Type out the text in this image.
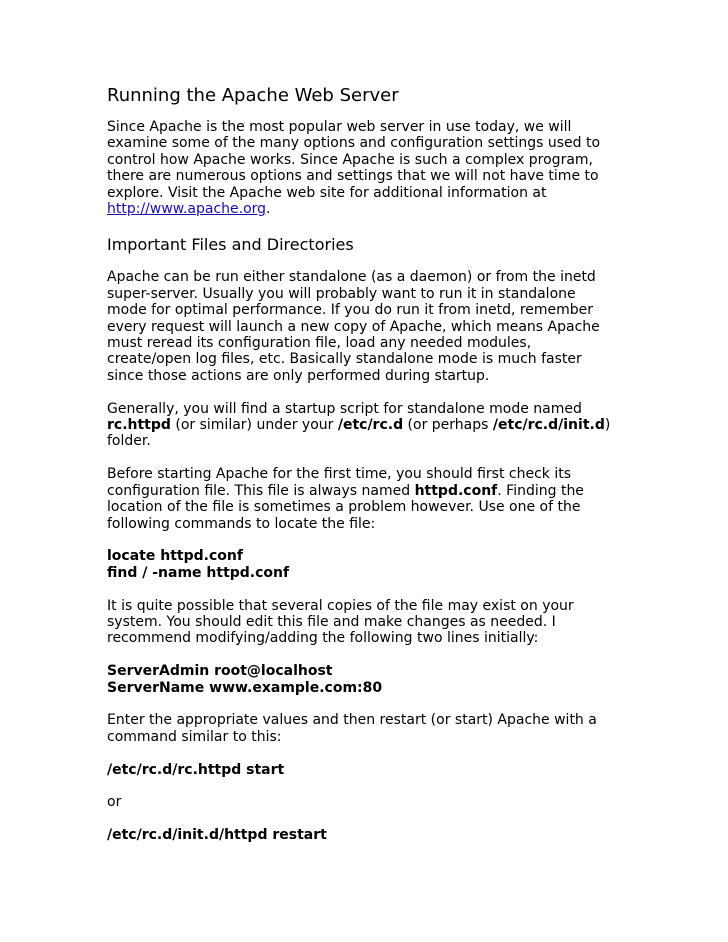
Running the Apache Web Server
Since Apache is the most popular web server in use today, we will
examine some of the many options and configuration settings used to
control how Apache works. Since Apache is such a complex program,
there are numerous options and settings that we will not have time to
explore. Visit the Apache web site for additional information at
http://www.apache.org.
Important Files and Directories
Apache can be run either standalone (as a daemon) or from the inetd
super-server. Usually you will probably want to run it in standalone
mode for optimal performance. If you do run it from inetd, remember
every request will launch a new copy of Apache, which means Apache
must reread its configuration file, load any needed modules,
create/open log files, etc. Basically standalone mode is much faster
since those actions are only performed during startup.
Generally, you will find a startup script for standalone mode named
rc.httpd (or similar) under your /etc/rc.d (or perhaps /etc/rc.d/init.d)
folder.
Before starting Apache for the first time, you should first check its
configuration file. This file is always named httpd.conf. Finding the
location of the file is sometimes a problem however. Use one of the
following commands to locate the file:
locate httpd.conf
find / -name httpd.conf
It is quite possible that several copies of the file may exist on your
system. You should edit this file and make changes as needed. I
recommend modifying/adding the following two lines initially:
ServerAdmin root@localhost
ServerName www.example.com:80
Enter the appropriate values and then restart (or start) Apache with a
command similar to this:
/etc/rc.d/rc.httpd start
or
/etc/rc.d/init.d/httpd restart
